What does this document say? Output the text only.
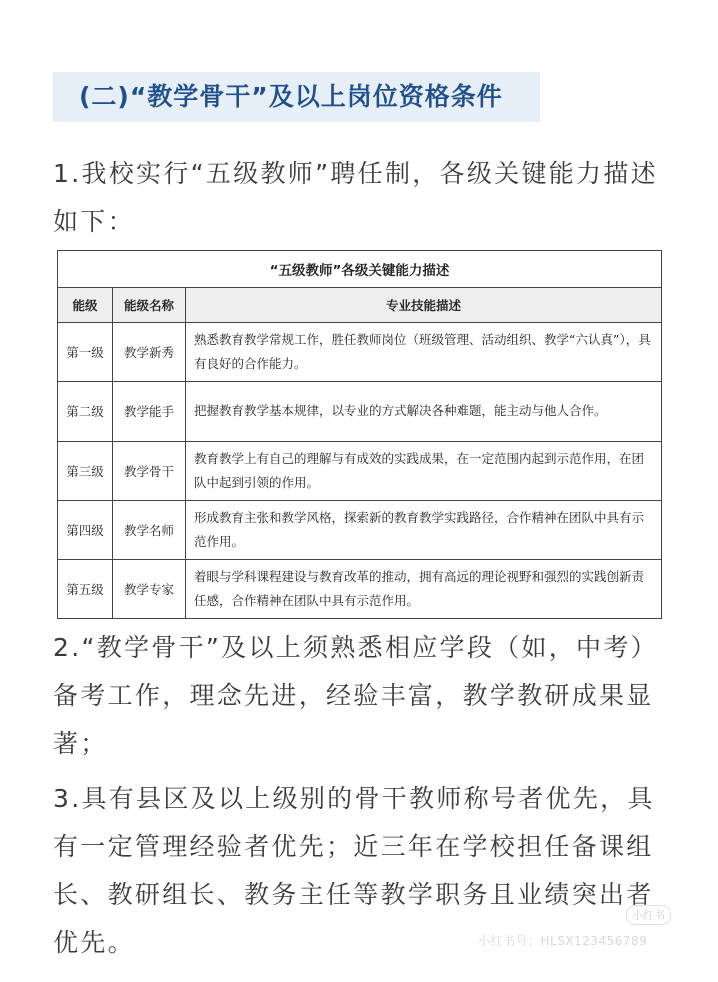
(二)“教学骨干”及以上岗位资格条件
1.我校实行“五级教师”聘任制，各级关键能力描述如下：
“五级教师”各级关键能力描述		
能级	能级名称	专业技能描述
第一级	教学新秀	熟悉教育教学常规工作，胜任教师岗位（班级管理、活动组织、教学“六认真”），具有良好的合作能力。
第二级	教学能手	把握教育教学基本规律，以专业的方式解决各种难题，能主动与他人合作。
第三级	教学骨干	教育教学上有自己的理解与有成效的实践成果，在一定范围内起到示范作用，在团队中起到引领的作用。
第四级	教学名师	形成教育主张和教学风格，探索新的教育教学实践路径，合作精神在团队中具有示范作用。
第五级	教学专家	着眼与学科课程建设与教育改革的推动，拥有高远的理论视野和强烈的实践创新责任感，合作精神在团队中具有示范作用。
2.“教学骨干”及以上须熟悉相应学段（如，中考）备考工作，理念先进，经验丰富，教学教研成果显著；
3.具有县区及以上级别的骨干教师称号者优先，具有一定管理经验者优先；近三年在学校担任备课组长、教研组长、教务主任等教学职务且业绩突出者优先。
小红书
小红书号：HLSX123456789
